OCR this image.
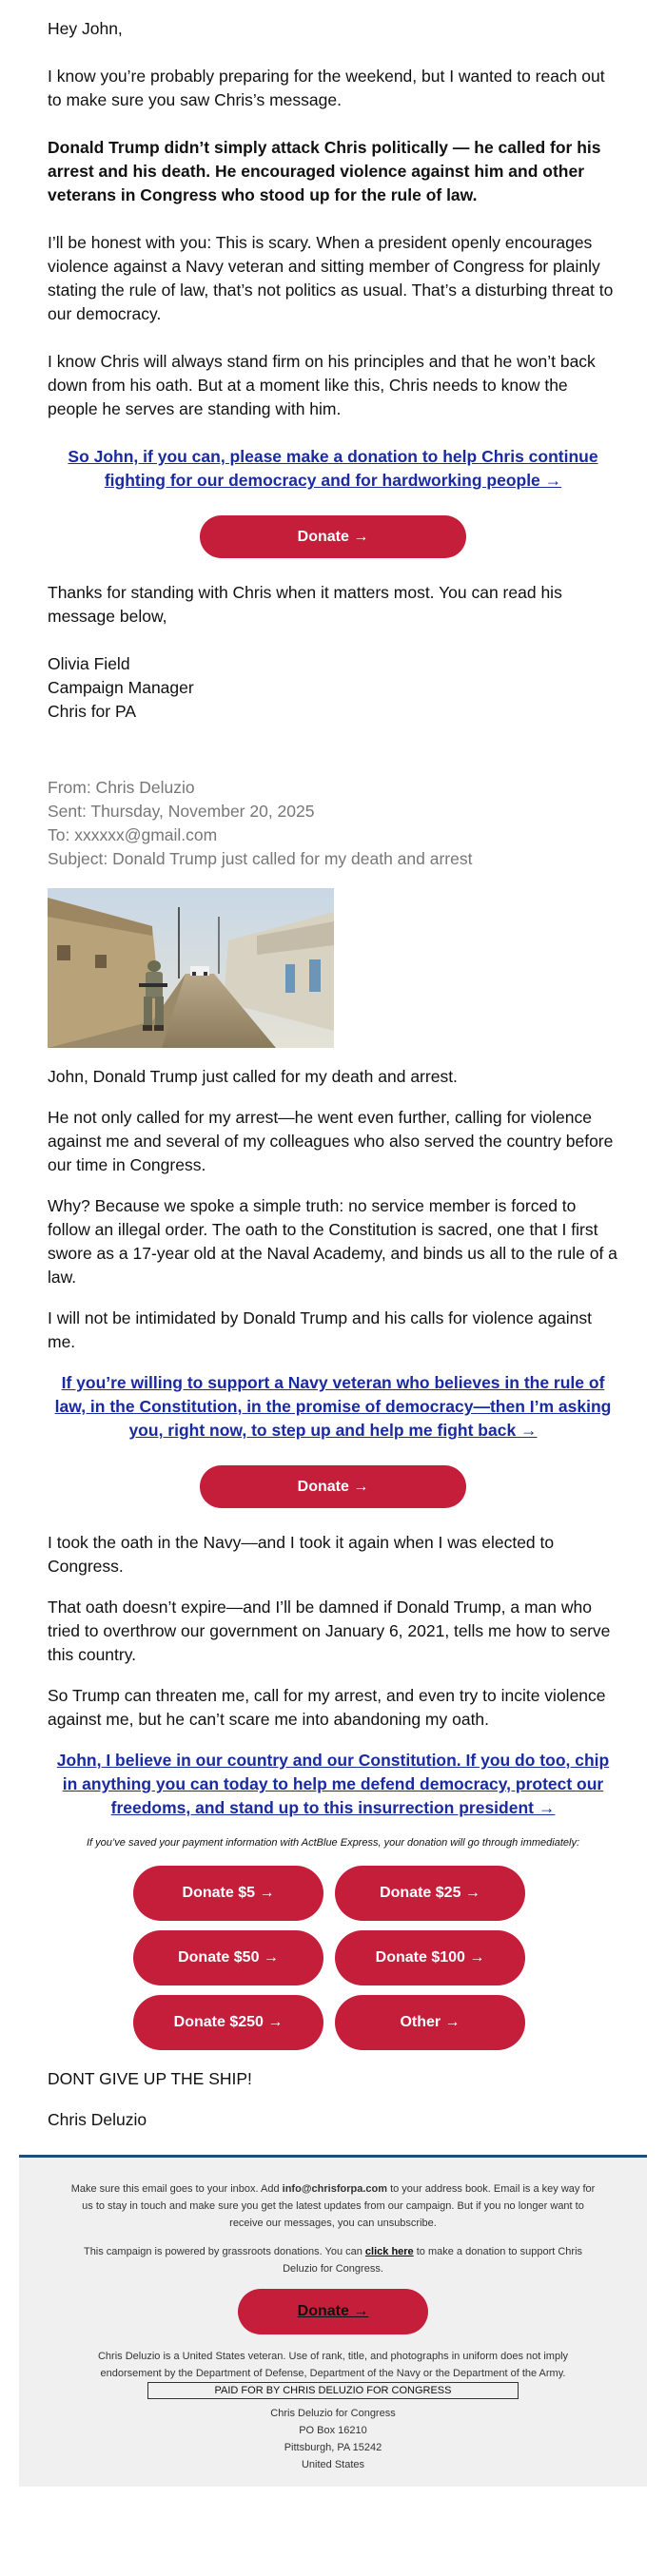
Hey John,

I know you’re probably preparing for the weekend, but I wanted to reach out to make sure you saw Chris’s message.

Donald Trump didn’t simply attack Chris politically — he called for his arrest and his death. He encouraged violence against him and other veterans in Congress who stood up for the rule of law.

I’ll be honest with you: This is scary. When a president openly encourages violence against a Navy veteran and sitting member of Congress for plainly stating the rule of law, that’s not politics as usual. That’s a disturbing threat to our democracy.

I know Chris will always stand firm on his principles and that he won’t back down from his oath. But at a moment like this, Chris needs to know the people he serves are standing with him.

So John, if you can, please make a donation to help Chris continue fighting for our democracy and for hardworking people →
Donate →

Thanks for standing with Chris when it matters most. You can read his message below,

Olivia Field

Campaign Manager

Chris for PA

From: Chris Deluzio
Sent: Thursday, November 20, 2025
To: xxxxxx@gmail.com
Subject: Donald Trump just called for my death and arrest

John, Donald Trump just called for my death and arrest.

He not only called for my arrest—he went even further, calling for violence against me and several of my colleagues who also served the country before our time in Congress.

Why? Because we spoke a simple truth: no service member is forced to follow an illegal order. The oath to the Constitution is sacred, one that I first swore as a 17-year old at the Naval Academy, and binds us all to the rule of a law.

I will not be intimidated by Donald Trump and his calls for violence against me.

If you’re willing to support a Navy veteran who believes in the rule of law, in the Constitution, in the promise of democracy—then I’m asking you, right now, to step up and help me fight back →
Donate →

I took the oath in the Navy—and I took it again when I was elected to Congress.

That oath doesn’t expire—and I’ll be damned if Donald Trump, a man who tried to overthrow our government on January 6, 2021, tells me how to serve this country.

So Trump can threaten me, call for my arrest, and even try to incite violence against me, but he can’t scare me into abandoning my oath.

John, I believe in our country and our Constitution. If you do too, chip in anything you can today to help me defend democracy, protect our freedoms, and stand up to this insurrection president →

If you’ve saved your payment information with ActBlue Express, your donation will go through immediately:

Donate $5 →	Donate $25 →
Donate $50 →	Donate $100 →
Donate $250 →	Other →

DONT GIVE UP THE SHIP!

Chris Deluzio

Make sure this email goes to your inbox. Add info@chrisforpa.com to your address book. Email is a key way for us to stay in touch and make sure you get the latest updates from our campaign. But if you no longer want to receive our messages, you can unsubscribe.

This campaign is powered by grassroots donations. You can click here to make a donation to support Chris Deluzio for Congress.

Donate →

Chris Deluzio is a United States veteran. Use of rank, title, and photographs in uniform does not imply endorsement by the Department of Defense, Department of the Navy or the Department of the Army.

PAID FOR BY CHRIS DELUZIO FOR CONGRESS
Chris Deluzio for Congress
PO Box 16210
Pittsburgh, PA 15242
United States
